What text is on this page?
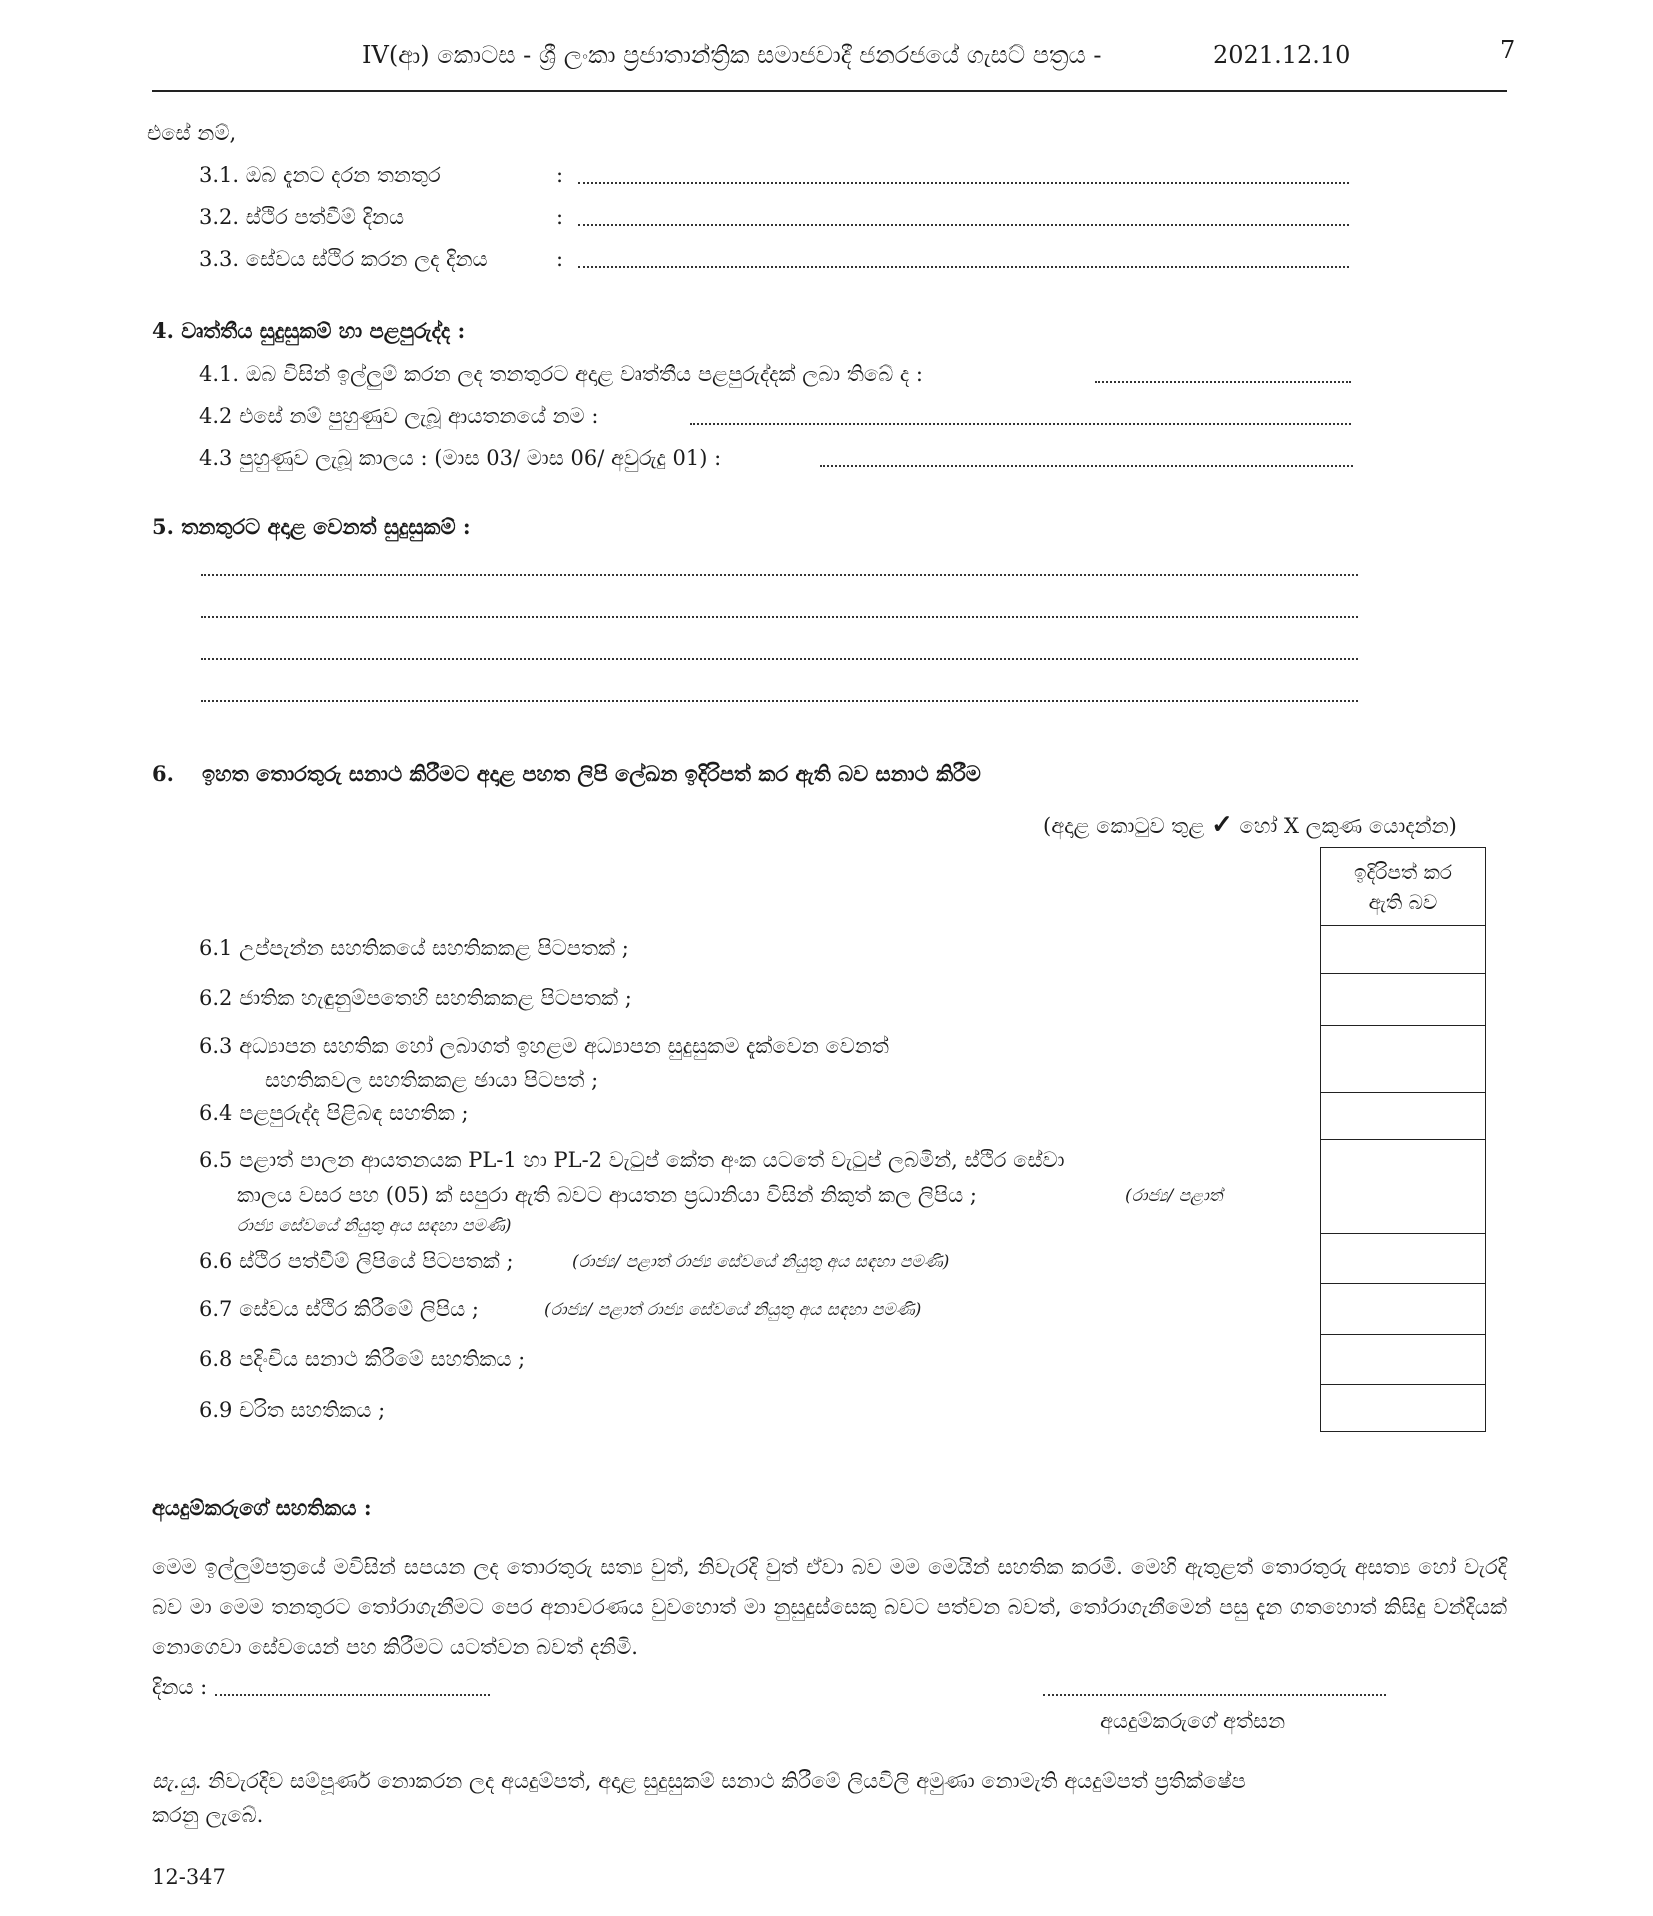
IV(ආ) කොටස - ශ්‍රී ලංකා ප්‍රජාතාන්ත්‍රික සමාජවාදී ජනරජයේ ගැසට් පත්‍රය -	2021.12.10	7
එසේ නම්,
3.1. ඔබ දැනට දරන තනතුර	:
3.2. ස්ථිර පත්වීම් දිනය	:
3.3. සේවය ස්ථිර කරන ලද දිනය	:
4. වෘත්තීය සුදුසුකම් හා පළපුරුද්ද :
4.1. ඔබ විසින් ඉල්ලුම් කරන ලද තනතුරට අදාළ වෘත්තීය පළපුරුද්දක් ලබා තිබේ ද :
4.2 එසේ නම් පුහුණුව ලැබූ ආයතනයේ නම :
4.3 පුහුණුව ලැබූ කාලය : (මාස 03/ මාස 06/ අවුරුදු 01) :
5. තනතුරට අදාළ වෙනත් සුදුසුකම් :
6. ඉහත තොරතුරු සනාථ කිරීමට අදාළ පහත ලිපි ලේඛන ඉදිරිපත් කර ඇති බව සනාථ කිරීම
(අදාළ කොටුව තුළ ✓ හෝ X ලකුණ යොදන්න)
ඉදිරිපත් කර
ඇති බව

6.1 උප්පැන්න සහතිකයේ සහතිකකළ පිටපතක් ;
6.2 ජාතික හැඳුනුම්පතෙහි සහතිකකළ පිටපතක් ;
6.3 අධ්‍යාපන සහතික හෝ ලබාගත් ඉහළම අධ්‍යාපන සුදුසුකම දැක්වෙන වෙනත්
සහතිකවල සහතිකකළ ඡායා පිටපත් ;
6.4 පළපුරුද්ද පිළිබඳ සහතික ;
6.5 පළාත් පාලන ආයතනයක PL-1 හා PL-2 වැටුප් කේත අංක යටතේ වැටුප් ලබමින්, ස්ථිර සේවා
කාලය වසර පහ (05) ක් සපුරා ඇති බවට ආයතන ප්‍රධානියා විසින් නිකුත් කල ලිපිය ;	(රාජ්‍ය/ පළාත්
රාජ්‍ය සේවයේ නියුතු අය සඳහා පමණි)
6.6 ස්ථිර පත්වීම් ලිපියේ පිටපතක් ;	(රාජ්‍ය/ පළාත් රාජ්‍ය සේවයේ නියුතු අය සඳහා පමණි)
6.7 සේවය ස්ථිර කිරීමේ ලිපිය ;	(රාජ්‍ය/ පළාත් රාජ්‍ය සේවයේ නියුතු අය සඳහා පමණි)
6.8 පදිංචිය සනාථ කිරීමේ සහතිකය ;
6.9 චරිත සහතිකය ;
අයදුම්කරුගේ සහතිකය :
මෙම ඉල්ලුම්පත්‍රයේ මවිසින් සපයන ලද තොරතුරු සත්‍ය වුත්, නිවැරදි වුත් ඒවා බව මම මෙයින් සහතික කරමි. මෙහි ඇතුළත් තොරතුරු අසත්‍ය හෝ වැරදි බව මා මෙම තනතුරට තෝරාගැනීමට පෙර අනාවරණය වුවහොත් මා නුසුදුස්සෙකු බවට පත්වන බවත්, තෝරාගැනීමෙන් පසු දැන ගතහොත් කිසිදු වන්දියක් නොගෙවා සේවයෙන් පහ කිරීමට යටත්වන බවත් දනිමි.
දිනය :
අයදුම්කරුගේ අත්සන
සැ.යු. නිවැරදිව සම්පූර්ණ නොකරන ලද අයදුම්පත්, අදාළ සුදුසුකම් සනාථ කිරීමේ ලියවිලි අමුණා නොමැති අයදුම්පත් ප්‍රතික්ෂේප
කරනු ලැබේ.
12-347
